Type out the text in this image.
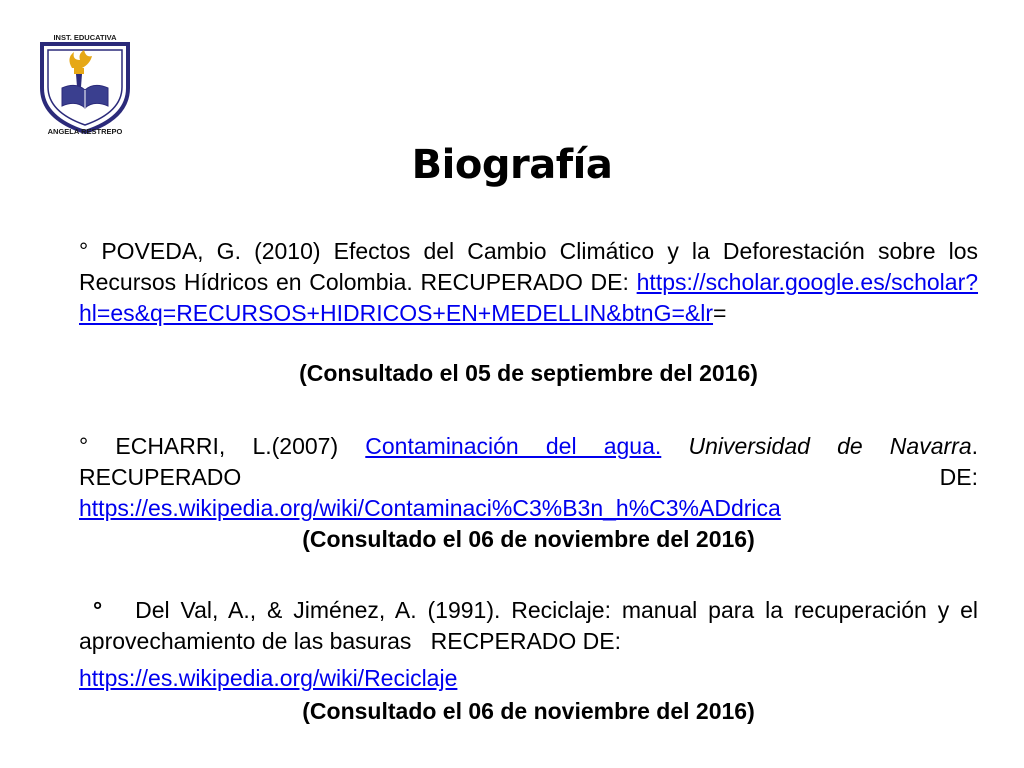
INST. EDUCATIVA
ANGELA RESTREPO
Biografía
° POVEDA, G. (2010) Efectos del Cambio Climático y la Deforestación sobre los Recursos Hídricos en Colombia. RECUPERADO DE: https://scholar.google.es/scholar?hl=es&q=RECURSOS+HIDRICOS+EN+MEDELLIN&btnG=&lr=
(Consultado el 05 de septiembre del 2016)
° ECHARRI, L.(2007) Contaminación del agua. Universidad de Navarra.
RECUPERADO	DE:
https://es.wikipedia.org/wiki/Contaminaci%C3%B3n_h%C3%ADdrica
(Consultado el 06 de noviembre del 2016)
° Del Val, A., & Jiménez, A. (1991). Reciclaje: manual para la recuperación y el aprovechamiento de las basuras   RECPERADO DE:
https://es.wikipedia.org/wiki/Reciclaje
(Consultado el 06 de noviembre del 2016)
